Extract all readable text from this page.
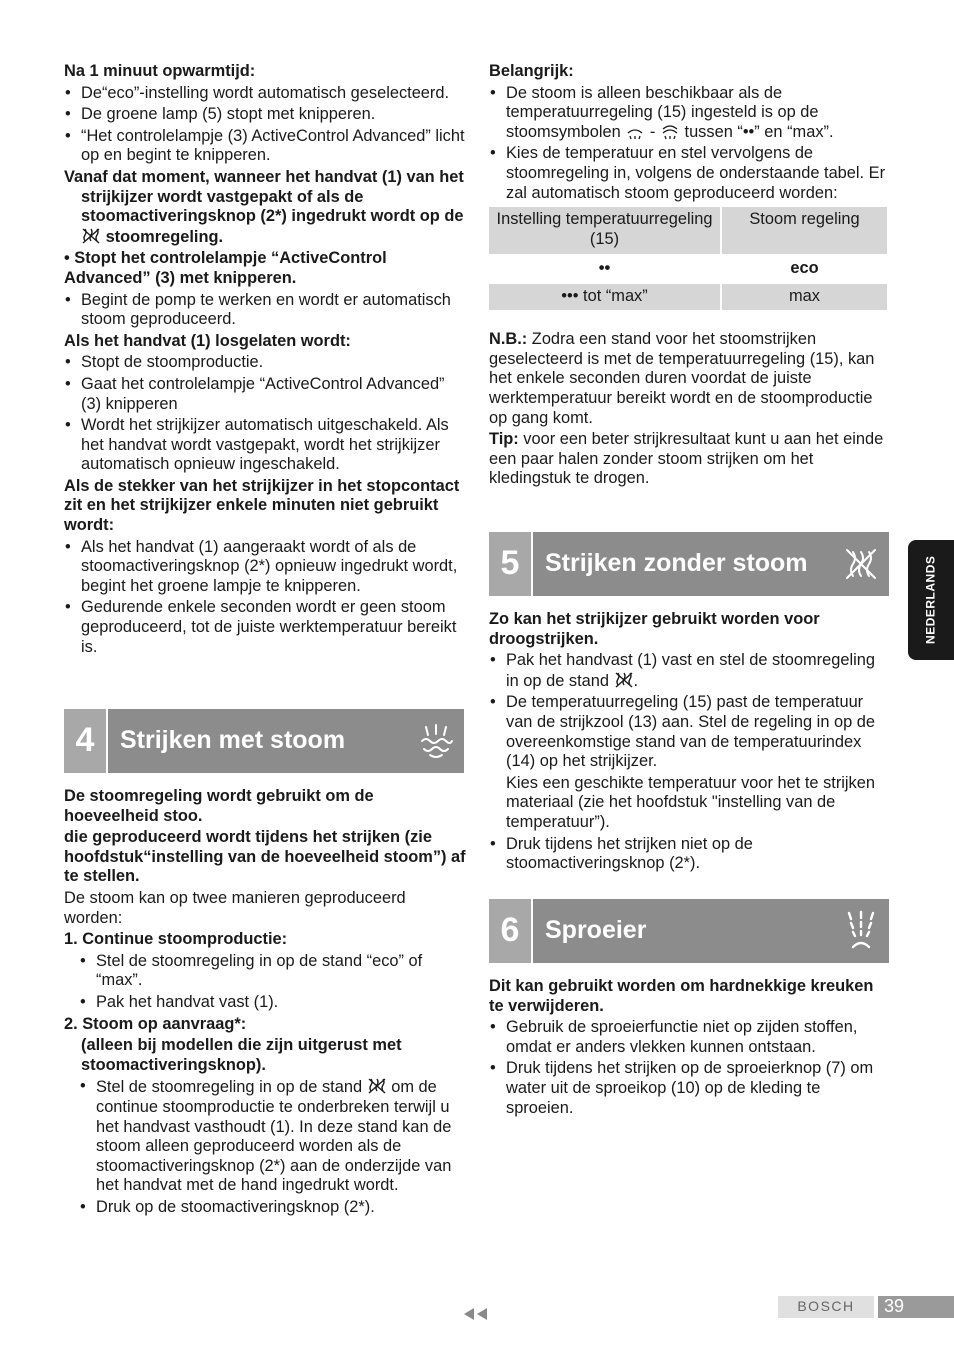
Na 1 minuut opwarmtijd:

• De“eco”-instelling wordt automatisch geselecteerd.
• De groene lamp (5) stopt met knipperen.
• “Het controlelampje (3) ActiveControl Advanced” licht op en begint te knipperen.

Vanaf dat moment, wanneer het handvat (1) van het strijkijzer wordt vastgepakt of als de stoomactiveringsknop (2*) ingedrukt wordt op de  stoomregeling.

• Stopt het controlelampje “ActiveControl Advanced” (3) met knipperen.

• Begint de pomp te werken en wordt er automatisch stoom geproduceerd.

Als het handvat (1) losgelaten wordt:

• Stopt de stoomproductie.
• Gaat het controlelampje “ActiveControl Advanced” (3) knipperen
• Wordt het strijkijzer automatisch uitgeschakeld. Als het handvat wordt vastgepakt, wordt het strijkijzer automatisch opnieuw ingeschakeld.

Als de stekker van het strijkijzer in het stopcontact zit en het strijkijzer enkele minuten niet gebruikt wordt:

• Als het handvat (1) aangeraakt wordt of als de stoomactiveringsknop (2*) opnieuw ingedrukt wordt, begint het groene lampje te knipperen.
• Gedurende enkele seconden wordt er geen stoom geproduceerd, tot de juiste werktemperatuur bereikt is.
4	Strijken met stoom

De stoomregeling wordt gebruikt om de hoeveelheid stoo.

die geproduceerd wordt tijdens het strijken (zie hoofdstuk“instelling van de hoeveelheid stoom”) af te stellen.

De stoom kan op twee manieren geproduceerd worden:

1. Continue stoomproductie:

• Stel de stoomregeling in op de stand “eco” of “max”.
• Pak het handvat vast (1).

2. Stoom op aanvraag*:

(alleen bij modellen die zijn uitgerust met stoomactiveringsknop).

• Stel de stoomregeling in op de stand om de continue stoomproductie te onderbreken terwijl u het handvast vasthoudt (1). In deze stand kan de stoom alleen geproduceerd worden als de stoomactiveringsknop (2*) aan de onderzijde van het handvat met de hand ingedrukt wordt.
• Druk op de stoomactiveringsknop (2*).

Belangrijk:

• De stoom is alleen beschikbaar als de temperatuurregeling (15) ingesteld is op de stoomsymbolen - tussen “••” en “max”.
• Kies de temperatuur en stel vervolgens de stoomregeling in, volgens de onderstaande tabel. Er zal automatisch stoom geproduceerd worden:
Instelling temperatuurregeling (15)	Stoom regeling
••	eco
••• tot “max”	max

N.B.: Zodra een stand voor het stoomstrijken geselecteerd is met de temperatuurregeling (15), kan het enkele seconden duren voordat de juiste werktemperatuur bereikt wordt en de stoomproductie op gang komt.

Tip: voor een beter strijkresultaat kunt u aan het einde een paar halen zonder stoom strijken om het kledingstuk te drogen.

5	Strijken zonder stoom

Zo kan het strijkijzer gebruikt worden voor droogstrijken.

• Pak het handvast (1) vast en stel de stoomregeling in op de stand .
• De temperatuurregeling (15) past de temperatuur van de strijkzool (13) aan. Stel de regeling in op de overeenkomstige stand van de temperatuurindex (14) op het strijkijzer.
Kies een geschikte temperatuur voor het te strijken materiaal (zie het hoofdstuk "instelling van de temperatuur”).
• Druk tijdens het strijken niet op de stoomactiveringsknop (2*).
6	Sproeier

Dit kan gebruikt worden om hardnekkige kreuken te verwijderen.

• Gebruik de sproeierfunctie niet op zijden stoffen, omdat er anders vlekken kunnen ontstaan.
• Druk tijdens het strijken op de sproeierknop (7) om water uit de sproeikop (10) op de kleding te sproeien.
NEDERLANDS
BOSCH	39
